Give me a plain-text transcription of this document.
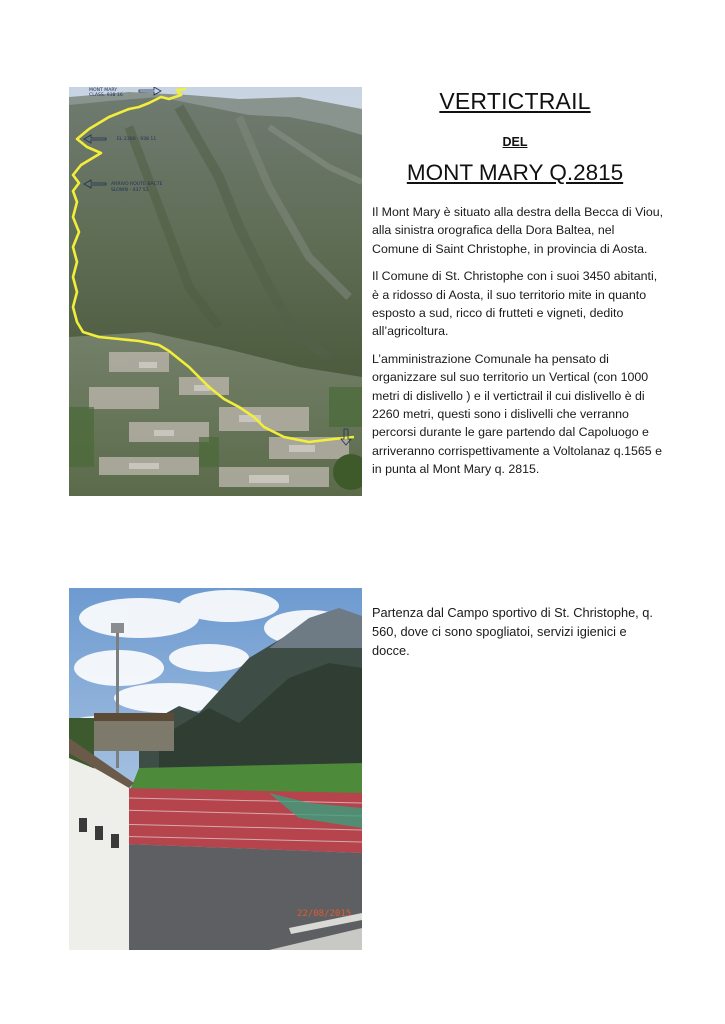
MONT MARY
CLASS. 938 16
EL 2300 - 938 11
ARRIVO ROUTE BACTE
SLOWN - 437 51
VERTICTRAIL
DEL
MONT MARY Q.2815

Il Mont Mary è situato alla destra della Becca di Viou, alla sinistra orografica della Dora Baltea, nel Comune di Saint Christophe, in provincia di Aosta.

Il Comune di St. Christophe con i suoi 3450 abitanti, è a ridosso di Aosta, il suo territorio mite in quanto esposto a sud, ricco di frutteti e vigneti, dedito all’agricoltura.

L’amministrazione Comunale ha pensato di organizzare sul suo territorio un Vertical (con 1000 metri di dislivello ) e il vertictrail il cui dislivello è di 2260 metri, questi sono i dislivelli che verranno percorsi durante le gare partendo dal Capoluogo e arriveranno corrispettivamente a Voltolanaz q.1565 e in punta al Mont Mary q. 2815.

22/08/2015
Partenza dal Campo sportivo di St. Christophe, q. 560, dove ci sono spogliatoi, servizi igienici e docce.
